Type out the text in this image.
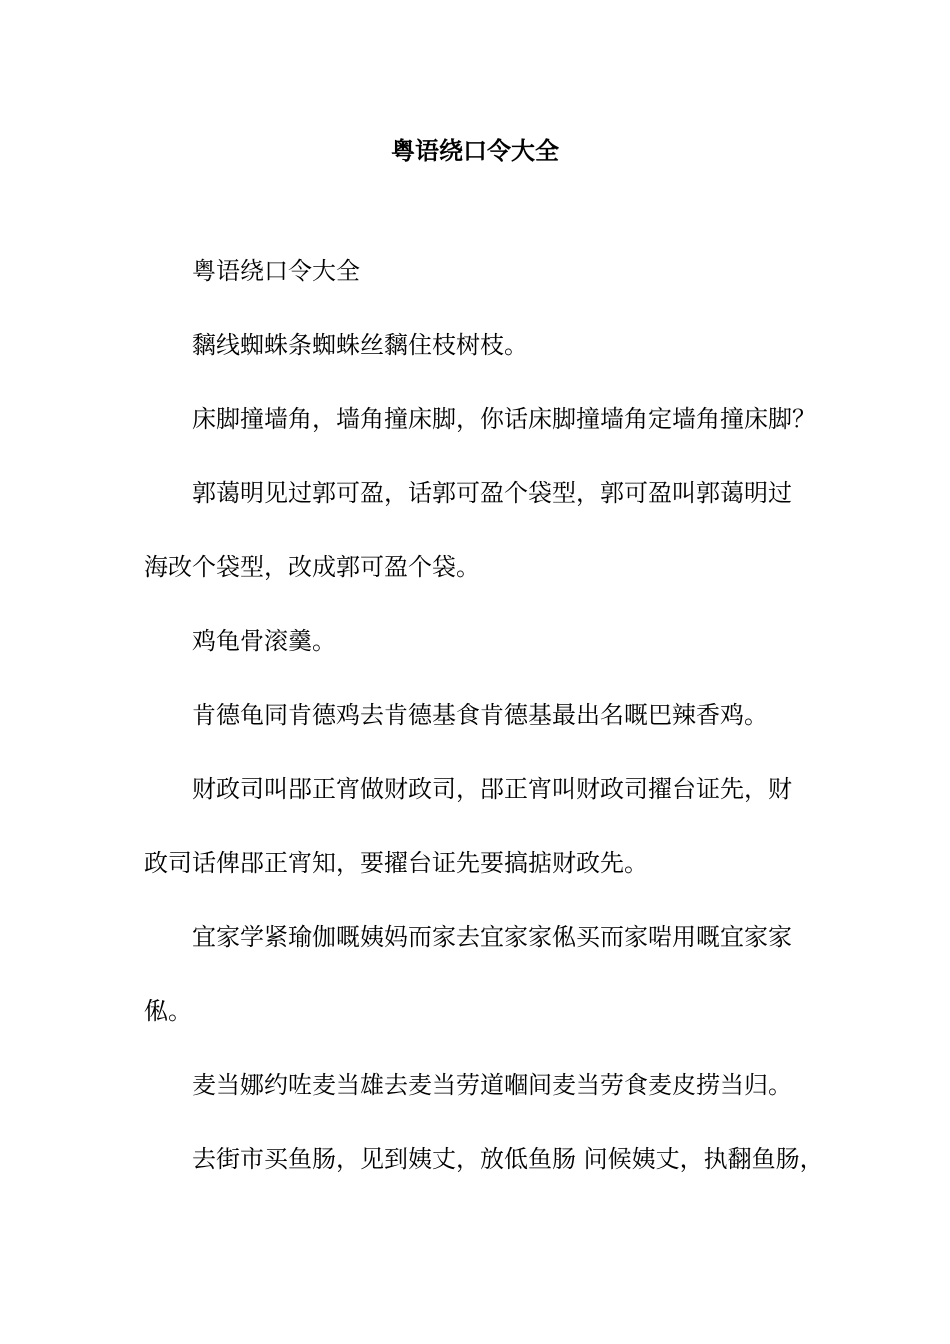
粤语绕口令大全

粤语绕口令大全

黐线蜘蛛条蜘蛛丝黐住枝树枝。

床脚撞墙角，墙角撞床脚，你话床脚撞墙角定墙角撞床脚？

郭蔼明见过郭可盈，话郭可盈个袋型，郭可盈叫郭蔼明过
海改个袋型，改成郭可盈个袋。

鸡龟骨滚羹。

肯德龟同肯德鸡去肯德基食肯德基最出名嘅巴辣香鸡。

财政司叫郘正宵做财政司，郘正宵叫财政司擢台证先，财
政司话俾郘正宵知，要擢台证先要搞掂财政先。

宜家学紧瑜伽嘅姨妈而家去宜家家俬买而家啱用嘅宜家家
俬。

麦当娜约咗麦当雄去麦当劳道嗰间麦当劳食麦皮捞当归。

去街市买鱼肠，见到姨丈，放低鱼肠 问候姨丈，执翻鱼肠，
